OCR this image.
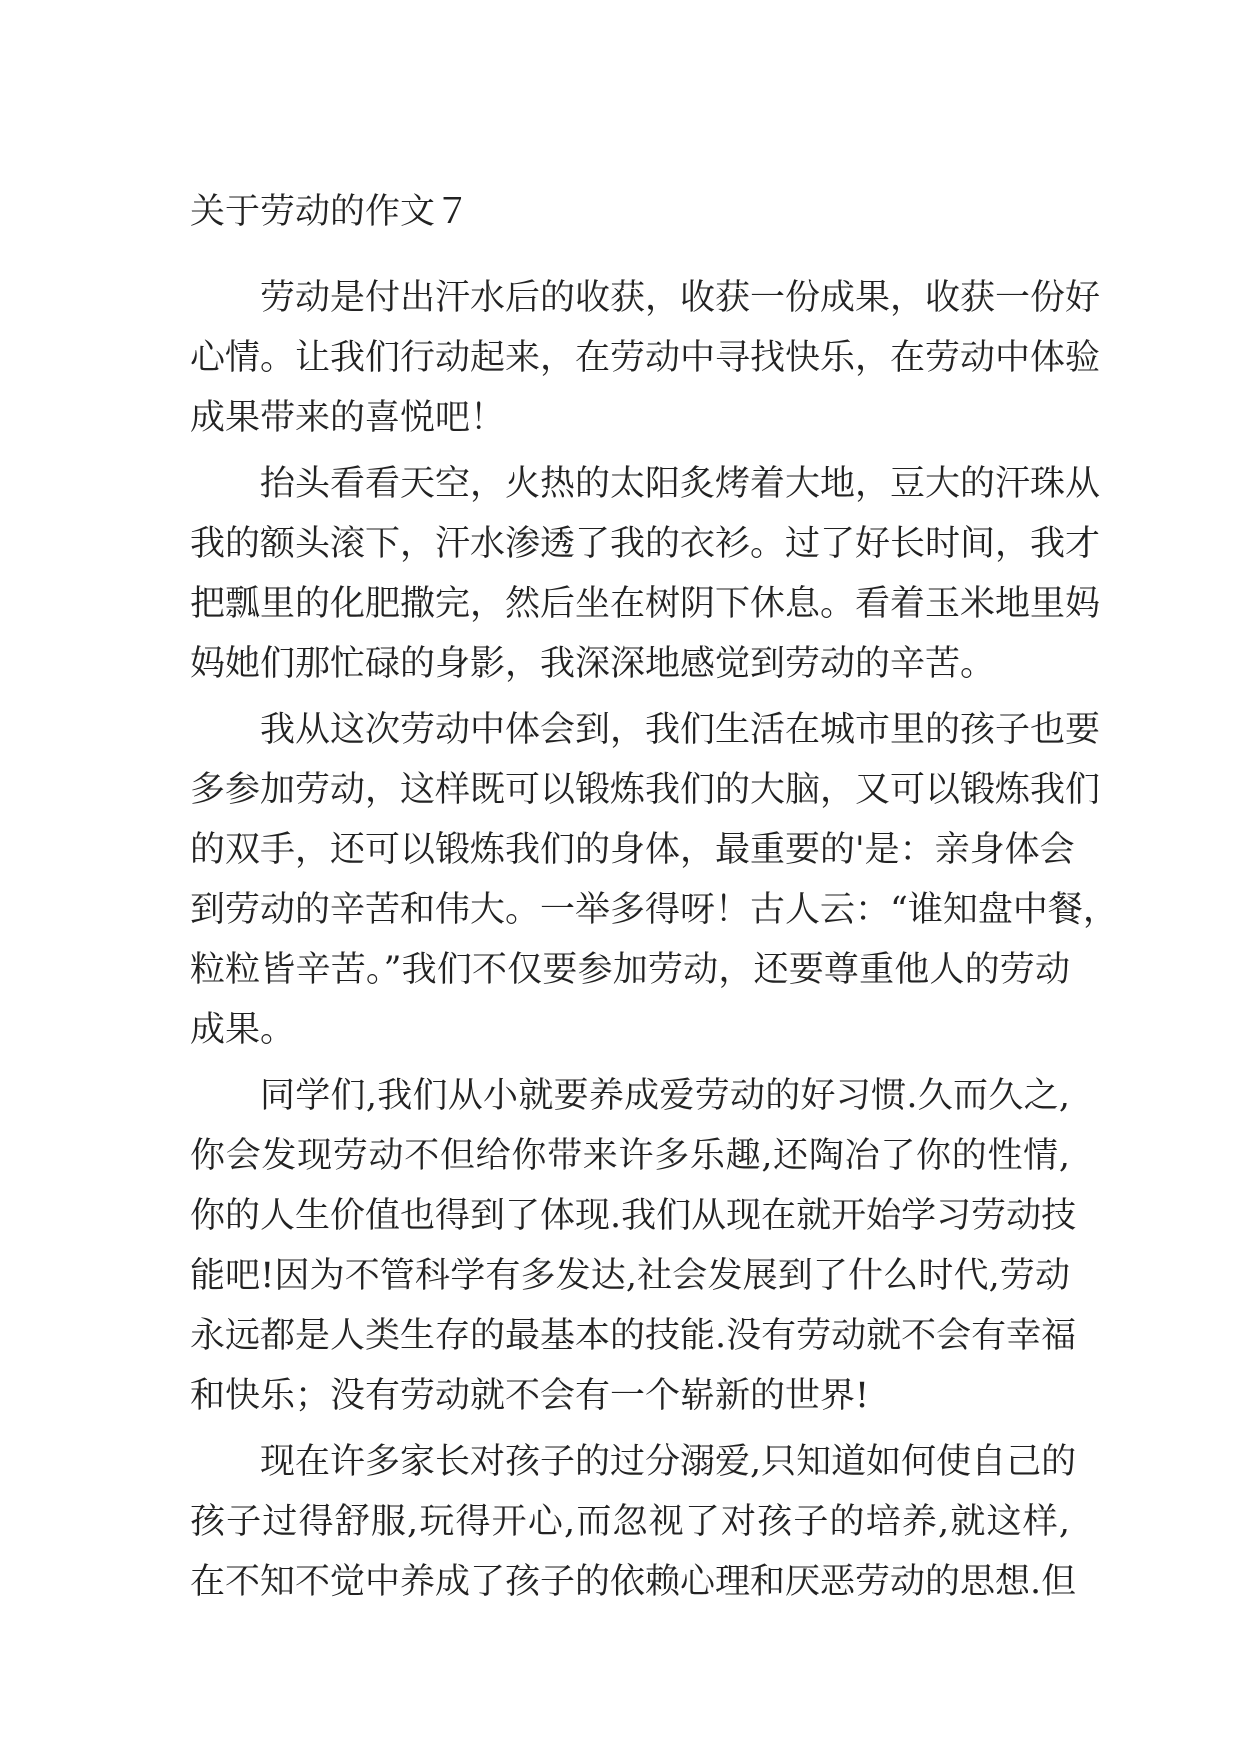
关于劳动的作文７

劳动是付出汗水后的收获，收获一份成果，收获一份好
心情。让我们行动起来，在劳动中寻找快乐，在劳动中体验
成果带来的喜悦吧！

抬头看看天空，火热的太阳炙烤着大地，豆大的汗珠从
我的额头滚下，汗水渗透了我的衣衫。过了好长时间，我才
把瓢里的化肥撒完，然后坐在树阴下休息。看着玉米地里妈
妈她们那忙碌的身影，我深深地感觉到劳动的辛苦。

我从这次劳动中体会到，我们生活在城市里的孩子也要
多参加劳动，这样既可以锻炼我们的大脑，又可以锻炼我们
的双手，还可以锻炼我们的身体，最重要的'是：亲身体会
到劳动的辛苦和伟大。一举多得呀！古人云：“谁知盘中餐，
粒粒皆辛苦。”我们不仅要参加劳动，还要尊重他人的劳动
成果。

同学们,我们从小就要养成爱劳动的好习惯.久而久之,
你会发现劳动不但给你带来许多乐趣,还陶冶了你的性情,
你的人生价值也得到了体现.我们从现在就开始学习劳动技
能吧!因为不管科学有多发达,社会发展到了什么时代,劳动
永远都是人类生存的最基本的技能.没有劳动就不会有幸福
和快乐；没有劳动就不会有一个崭新的世界!

现在许多家长对孩子的过分溺爱,只知道如何使自己的
孩子过得舒服,玩得开心,而忽视了对孩子的培养,就这样,
在不知不觉中养成了孩子的依赖心理和厌恶劳动的思想.但
